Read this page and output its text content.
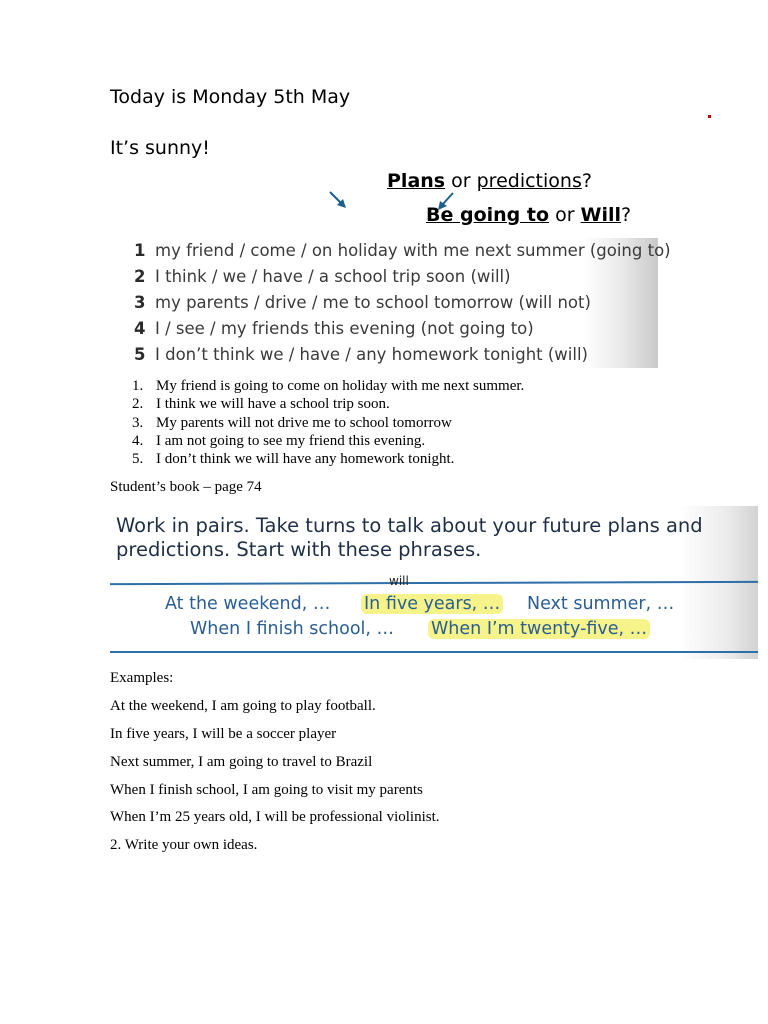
Today is Monday 5th May
It’s sunny!
Plans or predictions?
Be going to or Will?
1 my friend / come / on holiday with me next summer (going to)
2 I think / we / have / a school trip soon (will)
3 my parents / drive / me to school tomorrow (will not)
4 I / see / my friends this evening (not going to)
5 I don’t think we / have / any homework tonight (will)
1. My friend is going to come on holiday with me next summer.
2. I think we will have a school trip soon.
3. My parents will not drive me to school tomorrow
4. I am not going to see my friend this evening.
5. I don’t think we will have any homework tonight.
Student’s book – page 74
Work in pairs. Take turns to talk about your future plans and predictions. Start with these phrases.
will
At the weekend, … In five years, … Next summer, …
When I finish school, … When I’m twenty-five, …
Examples:
At the weekend, I am going to play football.
In five years, I will be a soccer player
Next summer, I am going to travel to Brazil
When I finish school, I am going to visit my parents
When I’m 25 years old, I will be professional violinist.
2. Write your own ideas.
